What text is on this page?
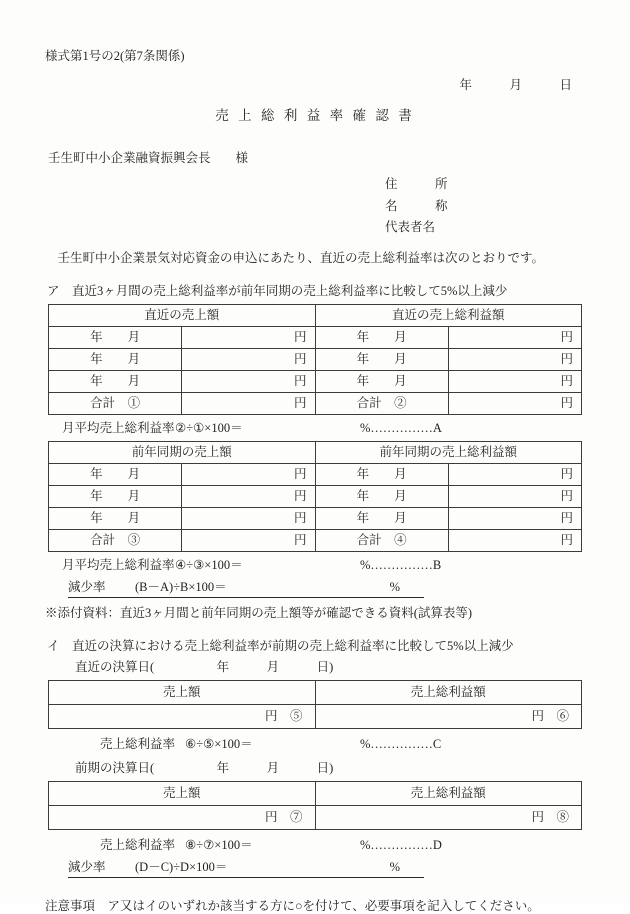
様式第1号の2(第7条関係)
年　　　月　　　日
売 上 総 利 益 率 確 認 書
壬生町中小企業融資振興会長　　様
住　　　所
名　　　称
代表者名
　壬生町中小企業景気対応資金の申込にあたり、直近の売上総利益率は次のとおりです。
ア　直近3ヶ月間の売上総利益率が前年同期の売上総利益率に比較して5%以上減少
直近の売上額		直近の売上総利益額	
年　　月	円	年　　月	円
年　　月	円	年　　月	円
年　　月	円	年　　月	円
合計　①	円	合計　②	円
月平均売上総利益率 ②÷①×100＝	%……………A
前年同期の売上額		前年同期の売上総利益額	
年　　月	円	年　　月	円
年　　月	円	年　　月	円
年　　月	円	年　　月	円
合計　③	円	合計　④	円
月平均売上総利益率 ④÷③×100＝	%……………B
減少率	(B－A)÷B×100＝	%
※添付資料：直近3ヶ月間と前年同期の売上額等が確認できる資料(試算表等)
イ　直近の決算における売上総利益率が前期の売上総利益率に比較して5%以上減少
直近の決算日(　　　　　年　　　月　　　日)
売上額	売上総利益額
円　⑤	円　⑥
売上総利益率 ⑥÷⑤×100＝	%……………C
前期の決算日(　　　　　年　　　月　　　日)
売上額	売上総利益額
円　⑦	円　⑧
売上総利益率 ⑧÷⑦×100＝	%……………D
減少率	(D－C)÷D×100＝	%
注意事項　ア又はイのいずれか該当する方に○を付けて、必要事項を記入してください。
